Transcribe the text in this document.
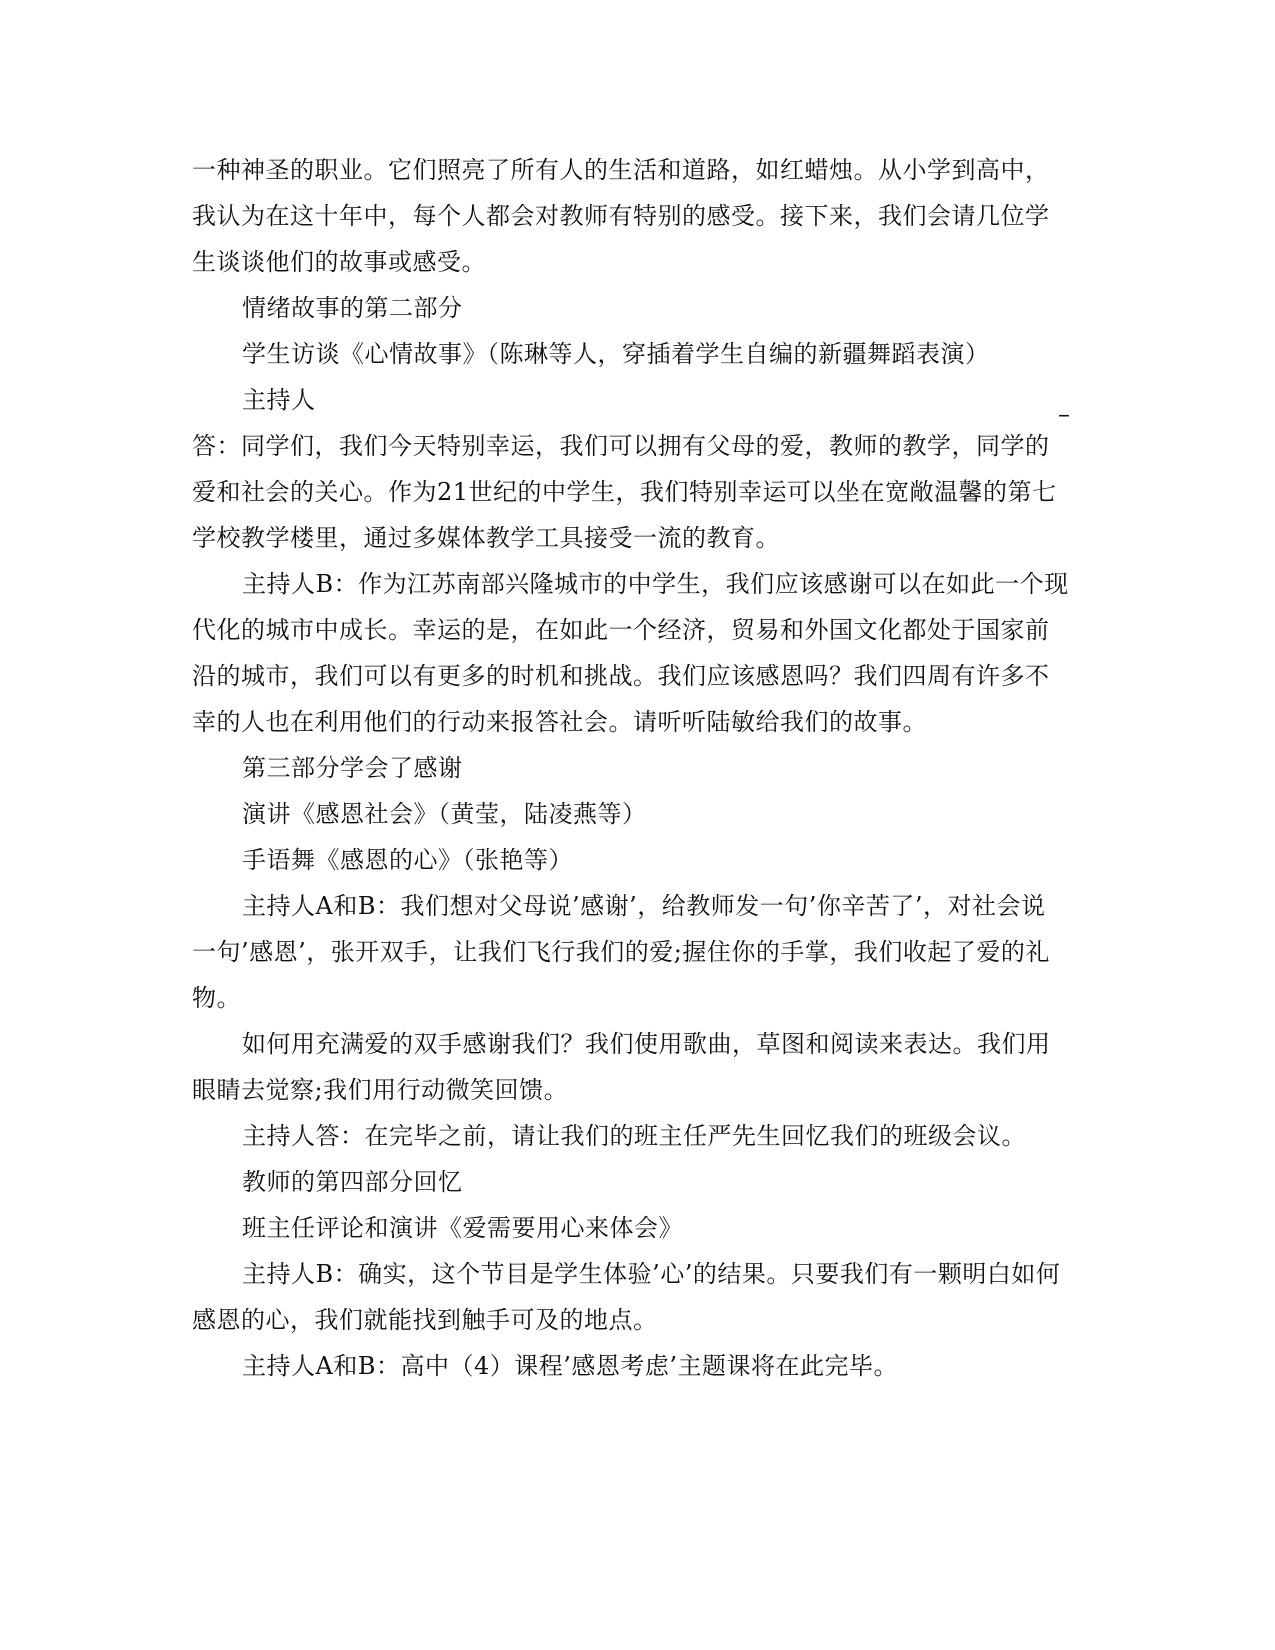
一种神圣的职业。它们照亮了所有人的生活和道路，如红蜡烛。从小学到高中，
我认为在这十年中，每个人都会对教师有特别的感受。接下来，我们会请几位学
生谈谈他们的故事或感受。
情绪故事的第二部分
学生访谈《心情故事》（陈琳等人，穿插着学生自编的新疆舞蹈表演）
主持人	–
答：同学们，我们今天特别幸运，我们可以拥有父母的爱，教师的教学，同学的
爱和社会的关心。作为21世纪的中学生，我们特别幸运可以坐在宽敞温馨的第七
学校教学楼里，通过多媒体教学工具接受一流的教育。
主持人B：作为江苏南部兴隆城市的中学生，我们应该感谢可以在如此一个现
代化的城市中成长。幸运的是，在如此一个经济，贸易和外国文化都处于国家前
沿的城市，我们可以有更多的时机和挑战。我们应该感恩吗？我们四周有许多不
幸的人也在利用他们的行动来报答社会。请听听陆敏给我们的故事。
第三部分学会了感谢
演讲《感恩社会》（黄莹，陆凌燕等）
手语舞《感恩的心》（张艳等）
主持人A和B：我们想对父母说’感谢’，给教师发一句’你辛苦了’，对社会说
一句’感恩’，张开双手，让我们飞行我们的爱;握住你的手掌，我们收起了爱的礼
物。
如何用充满爱的双手感谢我们？我们使用歌曲，草图和阅读来表达。我们用
眼睛去觉察;我们用行动微笑回馈。
主持人答：在完毕之前，请让我们的班主任严先生回忆我们的班级会议。
教师的第四部分回忆
班主任评论和演讲《爱需要用心来体会》
主持人B：确实，这个节目是学生体验’心’的结果。只要我们有一颗明白如何
感恩的心，我们就能找到触手可及的地点。
主持人A和B：高中（4）课程’感恩考虑’主题课将在此完毕。
